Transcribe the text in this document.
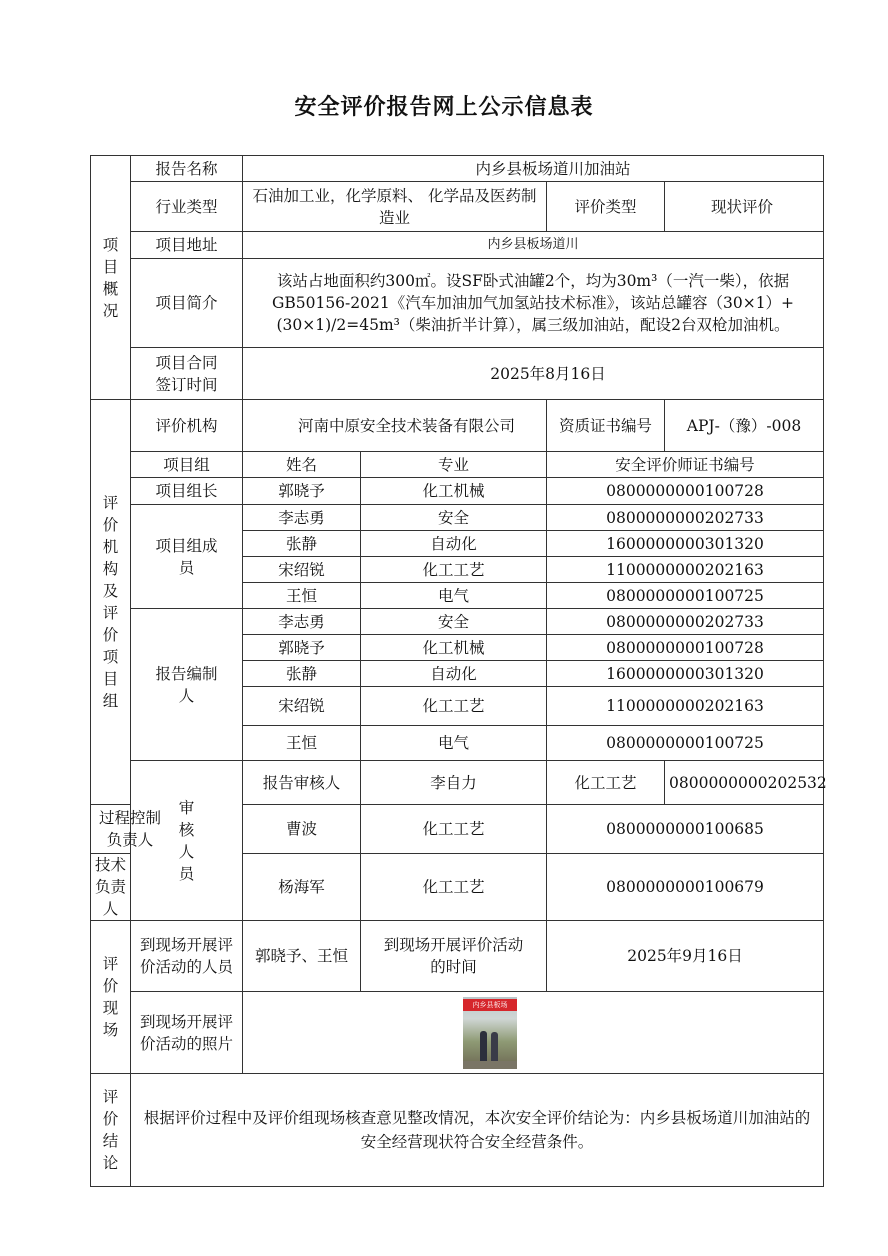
安全评价报告网上公示信息表
项目概况	报告名称	内乡县板场道川加油站			
	行业类型	石油加工业，化学原料、 化学品及医药制造业		评价类型	现状评价
	项目地址	内乡县板场道川			
	项目简介	该站占地面积约300㎡。设SF卧式油罐2个，均为30m³（一汽一柴），依据GB50156-2021《汽车加油加气加氢站技术标准》，该站总罐容（30×1）+(30×1)/2=45m³（柴油折半计算），属三级加油站，配设2台双枪加油机。			
	项目合同签订时间	2025年8月16日			
评价机构及评价项目组	评价机构	河南中原安全技术装备有限公司		资质证书编号	APJ-（豫）-008
	项目组	姓名	专业	安全评价师证书编号	
	项目组长	郭晓予	化工机械	0800000000100728	
	项目组成员	李志勇	安全	0800000000202733	
		张静	自动化	1600000000301320	
		宋绍锐	化工工艺	1100000000202163	
		王恒	电气	0800000000100725	
	报告编制人	李志勇	安全	0800000000202733	
		郭晓予	化工机械	0800000000100728	
		张静	自动化	1600000000301320	
		宋绍锐	化工工艺	1100000000202163	
		王恒	电气	0800000000100725	
	审核人员	报告审核人	李自力	化工工艺	0800000000202532
过程控制负责人		曹波	化工工艺	0800000000100685	
技术负责人		杨海军	化工工艺	0800000000100679	
评价现场	到现场开展评价活动的人员	郭晓予、王恒	到现场开展评价活动的时间	2025年9月16日	
	到现场开展评价活动的照片	内乡县板场			

评价结论	根据评价过程中及评价组现场核查意见整改情况，本次安全评价结论为：内乡县板场道川加油站的安全经营现状符合安全经营条件。				
